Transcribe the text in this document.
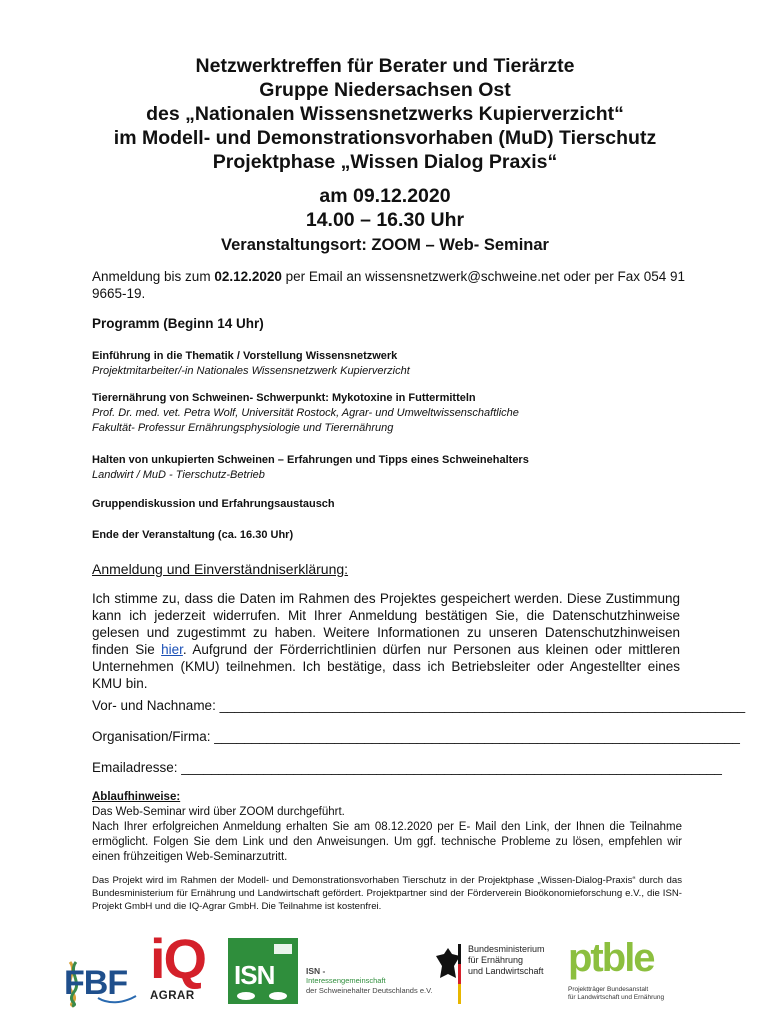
Netzwerktreffen für Berater und Tierärzte
Gruppe Niedersachsen Ost
des „Nationalen Wissensnetzwerks Kupierverzicht“
im Modell- und Demonstrationsvorhaben (MuD) Tierschutz
Projektphase „Wissen Dialog Praxis“
am 09.12.2020
14.00 – 16.30 Uhr
Veranstaltungsort: ZOOM – Web- Seminar
Anmeldung bis zum 02.12.2020 per Email an wissensnetzwerk@schweine.net oder per Fax 054 91 9665-19.
Programm (Beginn 14 Uhr)
Einführung in die Thematik / Vorstellung Wissensnetzwerk
Projektmitarbeiter/-in Nationales Wissensnetzwerk Kupierverzicht
Tierernährung von Schweinen- Schwerpunkt: Mykotoxine in Futtermitteln
Prof. Dr. med. vet. Petra Wolf, Universität Rostock, Agrar- und Umweltwissenschaftliche
Fakultät- Professur Ernährungsphysiologie und Tierernährung
Halten von unkupierten Schweinen – Erfahrungen und Tipps eines Schweinehalters
Landwirt / MuD - Tierschutz-Betrieb
Gruppendiskussion und Erfahrungsaustausch
Ende der Veranstaltung (ca. 16.30 Uhr)
Anmeldung und Einverständniserklärung:
Ich stimme zu, dass die Daten im Rahmen des Projektes gespeichert werden. Diese Zustimmung kann ich jederzeit widerrufen. Mit Ihrer Anmeldung bestätigen Sie, die Datenschutzhinweise gelesen und zugestimmt zu haben. Weitere Informationen zu unseren Datenschutzhinweisen finden Sie hier. Aufgrund der Förderrichtlinien dürfen nur Personen aus kleinen oder mittleren Unternehmen (KMU) teilnehmen. Ich bestätige, dass ich Betriebsleiter oder Angestellter eines KMU bin.
Vor- und Nachname: ______________________________________________________________________
Organisation/Firma: ______________________________________________________________________
Emailadresse: ________________________________________________________________________
Ablaufhinweise:
Das Web-Seminar wird über ZOOM durchgeführt.
Nach Ihrer erfolgreichen Anmeldung erhalten Sie am 08.12.2020 per E- Mail den Link, der Ihnen die Teilnahme ermöglicht. Folgen Sie dem Link und den Anweisungen. Um ggf. technische Probleme zu lösen, empfehlen wir einen frühzeitigen Web-Seminarzutritt.
Das Projekt wird im Rahmen der Modell- und Demonstrationsvorhaben Tierschutz in der Projektphase „Wissen-Dialog-Praxis“ durch das Bundesministerium für Ernährung und Landwirtschaft gefördert. Projektpartner sind der Förderverein Bioökonomieforschung e.V., die ISN-Projekt GmbH und die IQ-Agrar GmbH. Die Teilnahme ist kostenfrei.
FBF iQ
AGRAR
ISN	ISN -
Interessengemeinschaft
der Schweinehalter Deutschlands e.V.
Bundesministerium
für Ernährung
und Landwirtschaft ptble
Projektträger Bundesanstalt
für Landwirtschaft und Ernährung
